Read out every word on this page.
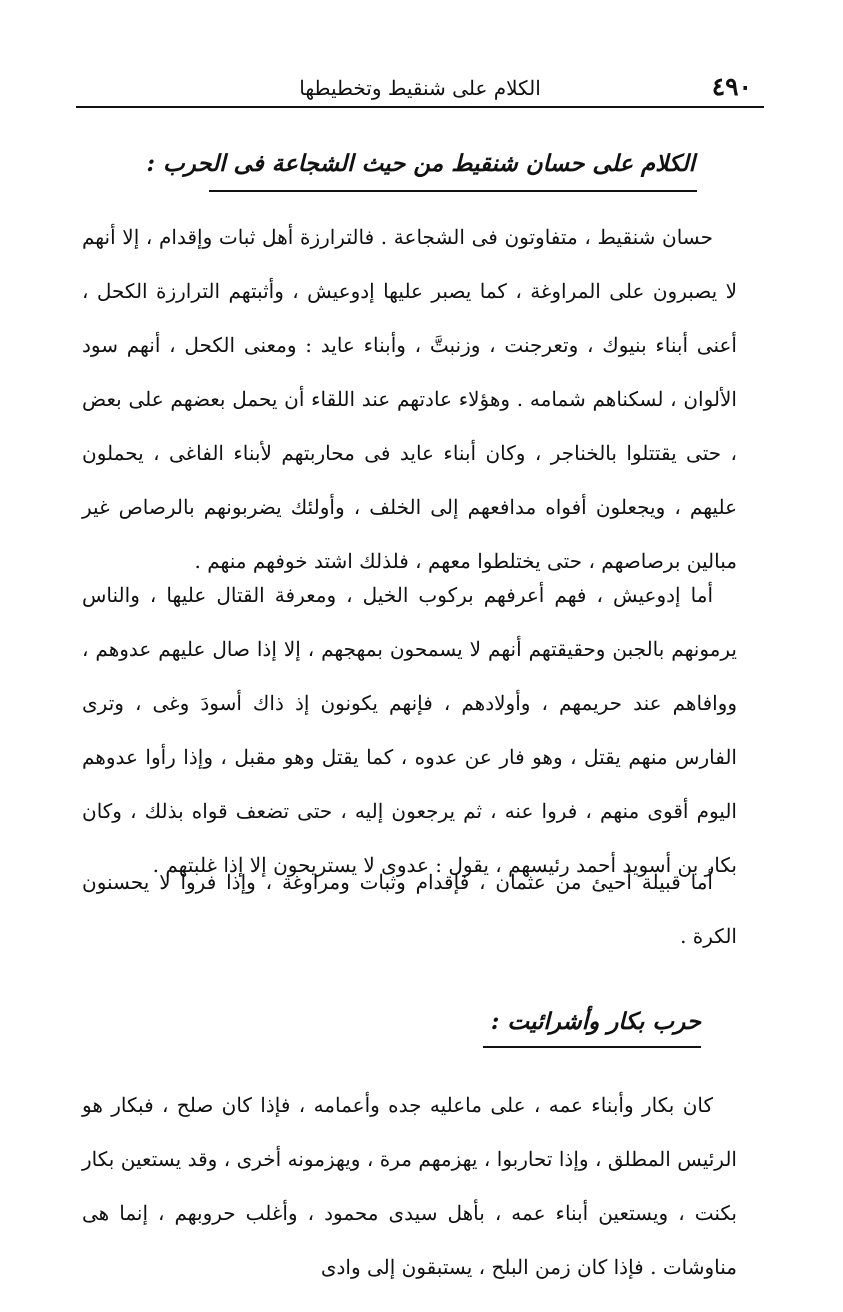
٤٩٠
الكلام على شنقيط وتخطيطها
الكلام على حسان شنقيط من حيث الشجاعة فى الحرب :

حسان شنقيط ، متفاوتون فى الشجاعة . فالترارزة أهل ثبات وإقدام ، إلا أنهم لا يصبرون على المراوغة ، كما يصبر عليها إدوعيش ، وأثبتهم الترارزة الكحل ، أعنى أبناء بنيوك ، وتعرجنت ، وزنبتَّ ، وأبناء عايد : ومعنى الكحل ، أنهم سود الألوان ، لسكناهم شمامه . وهؤلاء عادتهم عند اللقاء أن يحمل بعضهم على بعض ، حتى يقتتلوا بالخناجر ، وكان أبناء عايد فى محاربتهم لأبناء الفاغى ، يحملون عليهم ، ويجعلون أفواه مدافعهم إلى الخلف ، وأولئك يضربونهم بالرصاص غير مبالين برصاصهم ، حتى يختلطوا معهم ، فلذلك اشتد خوفهم منهم .

أما إدوعيش ، فهم أعرفهم بركوب الخيل ، ومعرفة القتال عليها ، والناس يرمونهم بالجبن وحقيقتهم أنهم لا يسمحون بمهجهم ، إلا إذا صال عليهم عدوهم ، ووافاهم عند حريمهم ، وأولادهم ، فإنهم يكونون إذ ذاك أسودَ وغى ، وترى الفارس منهم يقتل ، وهو فار عن عدوه ، كما يقتل وهو مقبل ، وإذا رأوا عدوهم اليوم أقوى منهم ، فروا عنه ، ثم يرجعون إليه ، حتى تضعف قواه بذلك ، وكان بكار بن أسويد أحمد رئيسهم ، يقول : عدوى لا يستريحون إلا إذا غلبتهم .

أما قبيلة أحيئ من عثمان ، فإقدام وثبات ومراوغة ، وإذا فروا لا يحسنون الكرة .

حرب بكار وأشرائيت :

كان بكار وأبناء عمه ، على ماعليه جده وأعمامه ، فإذا كان صلح ، فبكار هو الرئيس المطلق ، وإذا تحاربوا ، يهزمهم مرة ، ويهزمونه أخرى ، وقد يستعين بكار بكنت ، ويستعين أبناء عمه ، بأهل سيدى محمود ، وأغلب حروبهم ، إنما هى مناوشات . فإذا كان زمن البلح ، يستبقون إلى وادى
